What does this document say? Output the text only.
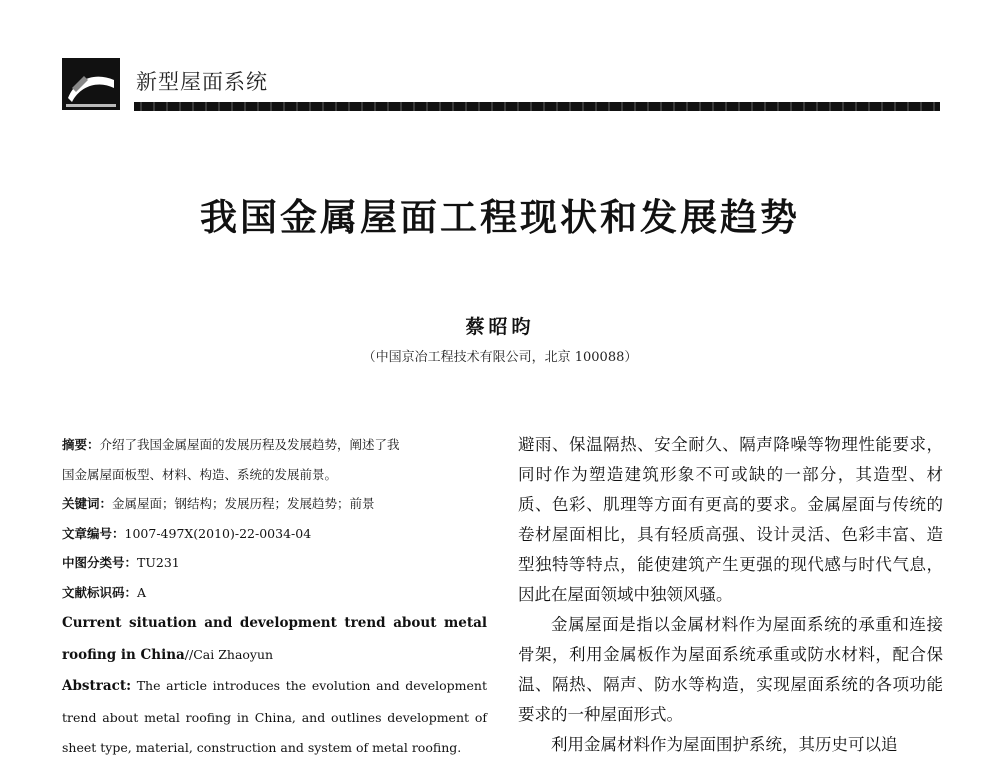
新型屋面系统
我国金属屋面工程现状和发展趋势
蔡昭昀
（中国京冶工程技术有限公司，北京 100088）
摘要：介绍了我国金属屋面的发展历程及发展趋势，阐述了我
国金属屋面板型、材料、构造、系统的发展前景。
关键词：金属屋面；钢结构；发展历程；发展趋势；前景
文章编号：1007-497X(2010)-22-0034-04
中图分类号：TU231
文献标识码：A
Current situation and development trend about metal roofing in China//Cai Zhaoyun
Abstract: The article introduces the evolution and development trend about metal roofing in China, and outlines development of sheet type, material, construction and system of metal roofing.

避雨、保温隔热、安全耐久、隔声降噪等物理性能要求，同时作为塑造建筑形象不可或缺的一部分，其造型、材质、色彩、肌理等方面有更高的要求。金属屋面与传统的卷材屋面相比，具有轻质高强、设计灵活、色彩丰富、造型独特等特点，能使建筑产生更强的现代感与时代气息，因此在屋面领域中独领风骚。

金属屋面是指以金属材料作为屋面系统的承重和连接骨架，利用金属板作为屋面系统承重或防水材料，配合保温、隔热、隔声、防水等构造，实现屋面系统的各项功能要求的一种屋面形式。

利用金属材料作为屋面围护系统，其历史可以追
